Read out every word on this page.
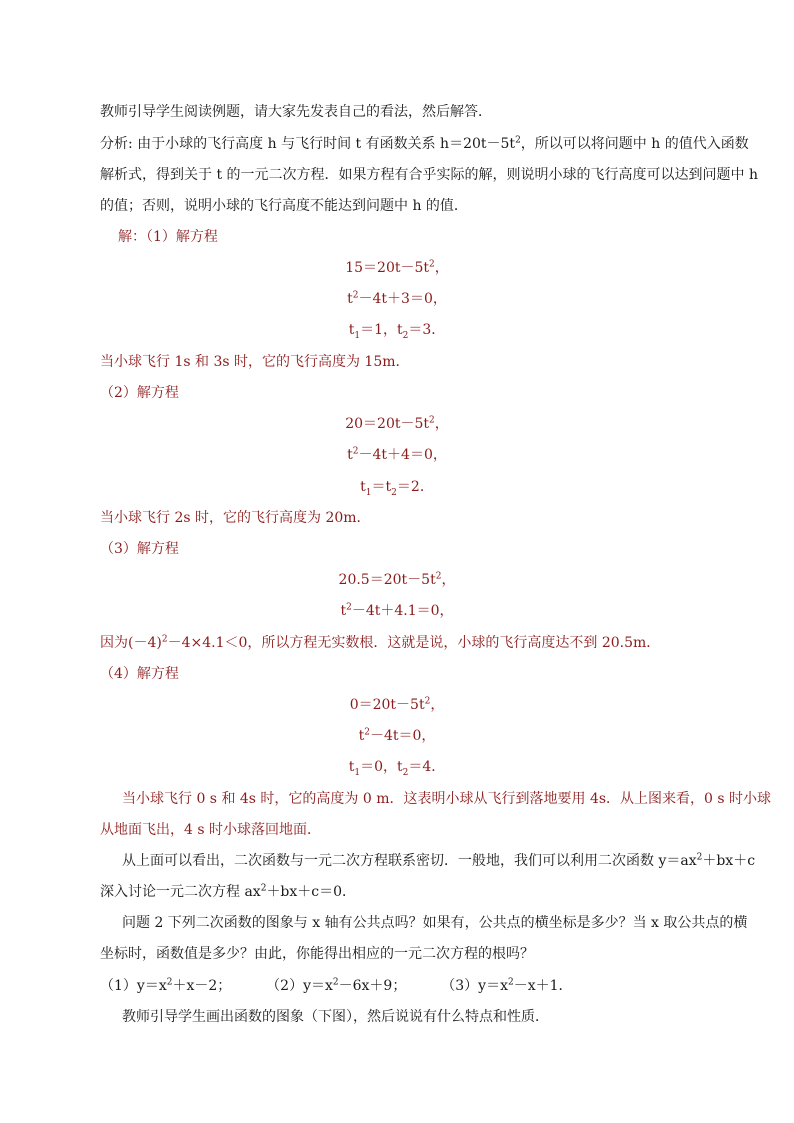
教师引导学生阅读例题，请大家先发表自己的看法，然后解答．
分析: 由于小球的飞行高度 h 与飞行时间 t 有函数关系 $h=20t-5t^2$，所以可以将问题中 h 的值代入函数
解析式，得到关于 t 的一元二次方程．如果方程有合乎实际的解，则说明小球的飞行高度可以达到问题中 h
的值；否则，说明小球的飞行高度不能达到问题中 h 的值．
解：（1）解方程
$15=20t-5t^2$，
$t^2-4t+3=0$，
$t_1=1$，$t_2=3$．
当小球飞行 1s 和 3s 时，它的飞行高度为 15m．
（2）解方程
$20=20t-5t^2$，
$t^2-4t+4=0$，
$t_1=t_2=2$．
当小球飞行 2s 时，它的飞行高度为 20m．
（3）解方程
$20.5=20t-5t^2$，
$t^2-4t+4.1=0$，
因为$(-4)^2-4\times 4.1<0$，所以方程无实数根．这就是说，小球的飞行高度达不到 20.5m．
（4）解方程
$0=20t-5t^2$，
$t^2-4t=0$，
$t_1=0$，$t_2=4$．
当小球飞行 0 s 和 4s 时，它的高度为 0 m．这表明小球从飞行到落地要用 4s．从上图来看，0 s 时小球
从地面飞出，4 s 时小球落回地面．
从上面可以看出，二次函数与一元二次方程联系密切．一般地，我们可以利用二次函数 $y=ax^2+bx+c$
深入讨论一元二次方程 $ax^2+bx+c=0$．
问题 2 下列二次函数的图象与 x 轴有公共点吗？如果有，公共点的横坐标是多少？当 x 取公共点的横
坐标时，函数值是多少？由此，你能得出相应的一元二次方程的根吗？
$(1)y=x^2+x-2$； $(2)y=x^2-6x+9$； $(3)y=x^2-x+1$．
教师引导学生画出函数的图象（下图），然后说说有什么特点和性质．
